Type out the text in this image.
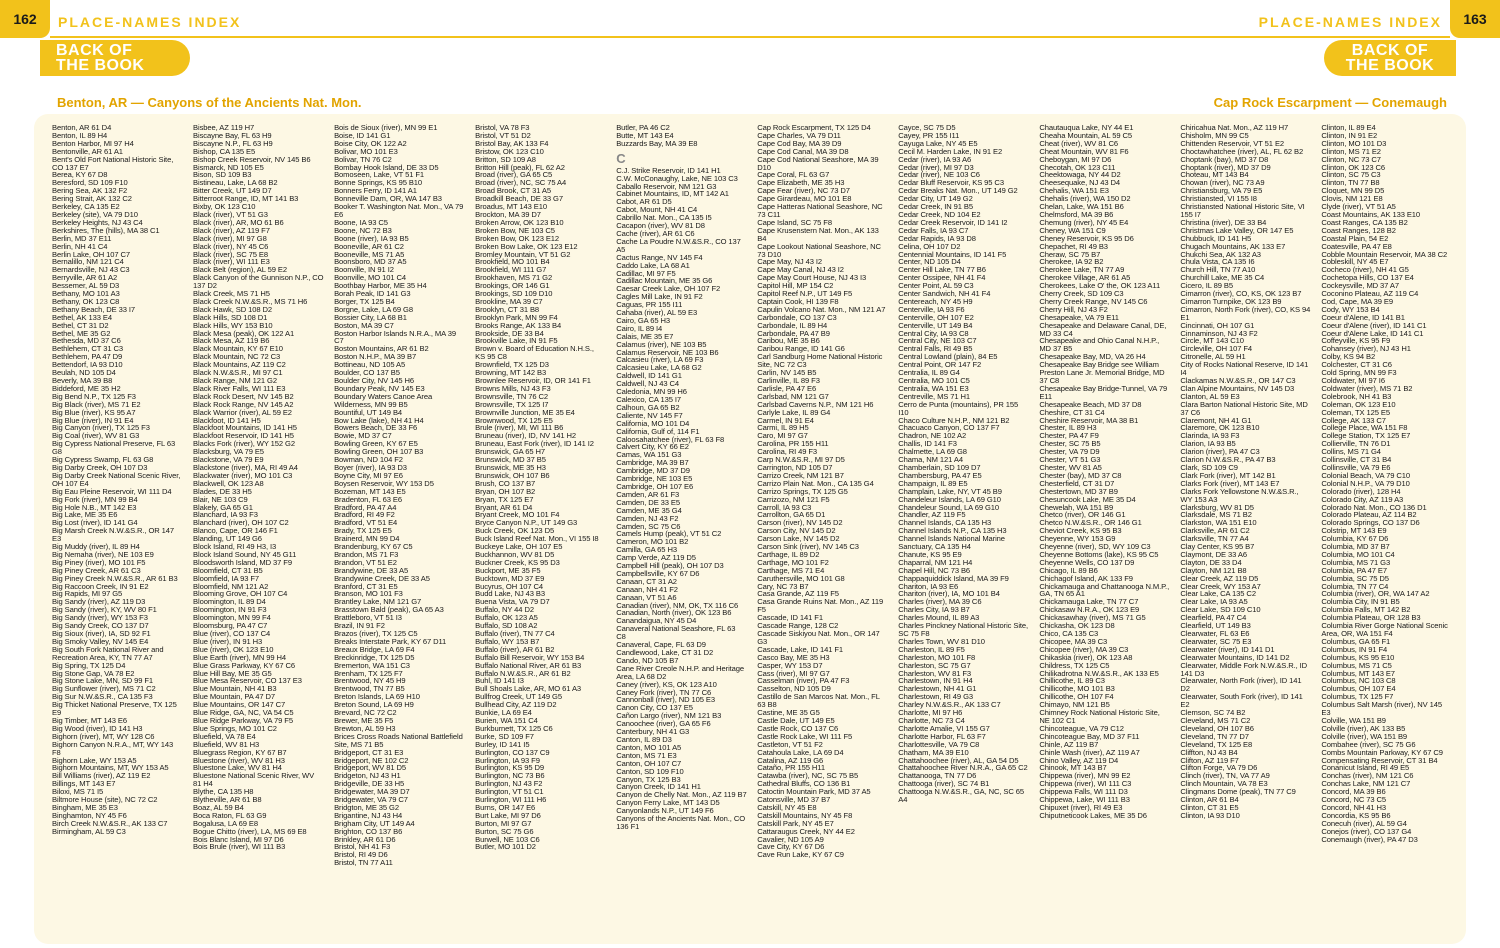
162	PLACE-NAMES INDEX	163
PLACE-NAMES INDEX
BACK OF
THE BOOK
BACK OF
THE BOOK
Benton, AR — Canyons of the Ancients Nat. Mon.	Cap Rock Escarpment — Conemaugh
Benton, AR 61 D4
Benton, IL 89 H4
Benton Harbor, MI 97 H4
Bentonville, AR 61 A1
Bent's Old Fort National Historic Site, CO 137 E7
Berea, KY 67 D8
Beresford, SD 109 F10
Bering Sea, AK 132 F2
Bering Strait, AK 132 C2
Berkeley, CA 135 E2
Berkeley (site), VA 79 D10
Berkeley Heights, NJ 43 C4
Berkshires, The (hills), MA 38 C1
Berlin, MD 37 E11
Berlin, NH 41 C4
Berlin Lake, OH 107 C7
Bernalillo, NM 121 C4
Bernardsville, NJ 43 C3
Berryville, AR 61 A2
Bessemer, AL 59 D3
Bethany, MO 101 A3
Bethany, OK 123 C8
Bethany Beach, DE 33 I7
Bethel, AK 133 E4
Bethel, CT 31 D2
Bethel, ME 35 G2
Bethesda, MD 37 C6
Bethlehem, CT 31 C3
Bethlehem, PA 47 D9
Bettendorf, IA 93 D10
Beulah, ND 105 D4
Beverly, MA 39 B8
Biddeford, ME 35 H2
Big Bend N.P., TX 125 F3
Big Black (river), MS 71 E2
Big Blue (river), KS 95 A7
Big Blue (river), IN 91 E4
Big Canyon (river), TX 125 F3
Big Coal (river), WV 81 G3
Big Cypress National Preserve, FL 63 G8
Big Cypress Swamp, FL 63 G8
Big Darby Creek, OH 107 D3
Big Darby Creek National Scenic River, OH 107 E4
Big Eau Pleine Reservoir, WI 111 D4
Big Fork (river), MN 99 B4
Big Hole N.B., MT 142 E3
Big Lake, ME 35 E6
Big Lost (river), ID 141 G4
Big Marsh Creek N.W.&S.R., OR 147 E3
Big Muddy (river), IL 89 H4
Big Nemaha (river), NE 103 E9
Big Piney (river), MO 101 F5
Big Piney Creek, AR 61 C3
Big Piney Creek N.W.&S.R., AR 61 B3
Big Raccoon Creek, IN 91 E2
Big Rapids, MI 97 G5
Big Sandy (river), AZ 119 D3
Big Sandy (river), KY, WV 80 F1
Big Sandy (river), WY 153 F3
Big Sandy Creek, CO 137 D7
Big Sioux (river), IA, SD 92 F1
Big Smoky Valley, NV 145 E4
Big South Fork National River and Recreation Area, KY, TN 77 A7
Big Spring, TX 125 D4
Big Stone Gap, VA 78 E2
Big Stone Lake, MN, SD 99 F1
Big Sunflower (river), MS 71 C2
Big Sur N.W.&S.R., CA 135 F3
Big Thicket National Preserve, TX 125 E9
Big Timber, MT 143 E6
Big Wood (river), ID 141 H3
Bighorn (river), MT, WY 128 C6
Bighorn Canyon N.R.A., MT, WY 143 F8
Bighorn Lake, WY 153 A5
Bighorn Mountains, MT, WY 153 A5
Bill Williams (river), AZ 119 E2
Billings, MT 143 E7
Biloxi, MS 71 I5
Biltmore House (site), NC 72 C2
Bingham, ME 35 E3
Binghamton, NY 45 F6
Birch Creek N.W.&S.R., AK 133 C7
Birmingham, AL 59 C3
Bisbee, AZ 119 H7
Biscayne Bay, FL 63 H9
Biscayne N.P., FL 63 H9
Bishop, CA 135 E5
Bishop Creek Reservoir, NV 145 B6
Bismarck, ND 105 E5
Bison, SD 109 B3
Bistineau, Lake, LA 68 B2
Bitter Creek, UT 149 D7
Bitterroot Range, ID, MT 141 B3
Bixby, OK 123 C10
Black (river), VT 51 G3
Black (river), AR, MO 61 B6
Black (river), AZ 119 F7
Black (river), MI 97 G8
Black (river), NY 45 C6
Black (river), SC 75 E8
Black (river), WI 111 E3
Black Belt (region), AL 59 E2
Black Canyon of the Gunnison N.P., CO 137 D2
Black Creek, MS 71 H5
Black Creek N.W.&S.R., MS 71 H6
Black Hawk, SD 108 D2
Black Hills, SD 108 D1
Black Hills, WY 153 B10
Black Mesa (peak), OK 122 A1
Black Mesa, AZ 119 B6
Black Mountain, KY 67 E10
Black Mountain, NC 72 C3
Black Mountains, AZ 119 C2
Black N.W.&S.R., MI 97 C1
Black Range, NM 121 G2
Black River Falls, WI 111 E3
Black Rock Desert, NV 145 B2
Black Rock Range, NV 145 A2
Black Warrior (river), AL 59 E2
Blackfoot, ID 141 H5
Blackfoot Mountains, ID 141 H5
Blackfoot Reservoir, ID 141 H5
Blacks Fork (river), WY 152 G2
Blacksburg, VA 79 E5
Blackstone, VA 79 E9
Blackstone (river), MA, RI 49 A4
Blackwater (river), MO 101 C3
Blackwell, OK 123 A8
Blades, DE 33 H5
Blair, NE 103 C9
Blakely, GA 65 G1
Blanchard, IA 93 F3
Blanchard (river), OH 107 C2
Blanco, Cape, OR 146 F1
Blanding, UT 149 G6
Block Island, RI 49 H3, I3
Block Island Sound, NY 45 G11
Bloodsworth Island, MD 37 F9
Bloomfield, CT 31 B5
Bloomfield, IA 93 F7
Bloomfield, NM 121 A2
Blooming Grove, OH 107 C4
Bloomington, IL 89 D4
Bloomington, IN 91 F3
Bloomington, MN 99 F4
Bloomsburg, PA 47 C7
Blue (river), CO 137 C4
Blue (river), IN 91 H3
Blue (river), OK 123 E10
Blue Earth (river), MN 99 H4
Blue Grass Parkway, KY 67 C6
Blue Hill Bay, ME 35 G5
Blue Mesa Reservoir, CO 137 E3
Blue Mountain, NH 41 B3
Blue Mountain, PA 47 D7
Blue Mountains, OR 147 C7
Blue Ridge, GA, NC, VA 54 C5
Blue Ridge Parkway, VA 79 F5
Blue Springs, MO 101 C2
Bluefield, VA 78 E4
Bluefield, WV 81 H3
Bluegrass Region, KY 67 B7
Bluestone (river), WV 81 H3
Bluestone Lake, WV 81 H4
Bluestone National Scenic River, WV 81 H4
Blythe, CA 135 H8
Blytheville, AR 61 B8
Boaz, AL 59 B4
Boca Raton, FL 63 G9
Bogalusa, LA 69 E8
Bogue Chitto (river), LA, MS 69 E8
Bois Blanc Island, MI 97 D6
Bois Brule (river), WI 111 B3
Bois de Sioux (river), MN 99 E1
Boise, ID 141 G1
Boise City, OK 122 A2
Bolivar, MO 101 E3
Bolivar, TN 76 C2
Bombay Hook Island, DE 33 D5
Bomoseen, Lake, VT 51 F1
Bonne Springs, KS 95 B10
Bonners Ferry, ID 141 A1
Bonneville Dam, OR, WA 147 B3
Booker T. Washington Nat. Mon., VA 79 E6
Boone, IA 93 C5
Boone, NC 72 B3
Boone (river), IA 93 B5
Booneville, AR 61 C2
Booneville, MS 71 A5
Boonsboro, MD 37 A5
Boonville, IN 91 I2
Boonville, MO 101 C4
Boothbay Harbor, ME 35 H4
Borah Peak, ID 141 G3
Borger, TX 125 B4
Borgne, Lake, LA 69 G8
Bossier City, LA 68 B1
Boston, MA 39 C7
Boston Harbor Islands N.R.A., MA 39 C7
Boston Mountains, AR 61 B2
Boston N.H.P., MA 39 B7
Bottineau, ND 105 A5
Boulder, CO 137 B5
Boulder City, NV 145 H6
Boundary Peak, NV 145 E3
Boundary Waters Canoe Area Wilderness, MN 99 B5
Bountiful, UT 149 B4
Bow Lake (lake), NH 41 H4
Bowers Beach, DE 33 F6
Bowie, MD 37 C7
Bowling Green, KY 67 E5
Bowling Green, OH 107 B3
Bowman, ND 104 F2
Boyer (river), IA 93 D3
Boyne City, MI 97 E6
Boysen Reservoir, WY 153 D5
Bozeman, MT 143 E5
Bradenton, FL 63 E6
Bradford, PA 47 A4
Bradford, RI 49 F2
Bradford, VT 51 E4
Brady, TX 125 E5
Brainerd, MN 99 D4
Brandenburg, KY 67 C5
Brandon, MS 71 F3
Brandon, VT 51 E2
Brandywine, DE 33 A5
Brandywine Creek, DE 33 A5
Branford, CT 31 E5
Branson, MO 101 F3
Brantley Lake, NM 121 G7
Brasstown Bald (peak), GA 65 A3
Brattleboro, VT 51 I3
Brazil, IN 91 F2
Brazos (river), TX 125 C5
Breaks Interstate Park, KY 67 D11
Breaux Bridge, LA 69 F4
Breckinridge, TX 125 D5
Bremerton, WA 151 C3
Brenham, TX 125 F7
Brentwood, NY 45 H9
Brentwood, TN 77 B5
Breton Islands, LA 69 H10
Breton Sound, LA 69 H9
Brevard, NC 72 C2
Brewer, ME 35 F5
Brewton, AL 59 H3
Brices Cross Roads National Battlefield Site, MS 71 B5
Bridgeport, CT 31 E3
Bridgeport, NE 102 C2
Bridgeport, WV 81 D5
Bridgeton, NJ 43 H1
Bridgeville, DE 33 H5
Bridgewater, MA 39 D7
Bridgewater, VA 79 C7
Bridgton, ME 35 G2
Brigantine, NJ 43 H4
Brigham City, UT 149 A4
Brighton, CO 137 B6
Brinkley, AR 61 D6
Bristol, NH 41 F3
Bristol, RI 49 D6
Bristol, TN 77 A11
Bristol, VA 78 F3
Bristol, VT 51 D2
Bristol Bay, AK 133 F4
Bristow, OK 123 C10
Britton, SD 109 A8
Britton Hill (peak), FL 62 A2
Broad (river), GA 65 C5
Broad (river), NC, SC 75 A4
Broad Brook, CT 31 A5
Broadkill Beach, DE 33 G7
Broadus, MT 143 E10
Brockton, MA 39 D7
Broken Arrow, OK 123 B10
Broken Bow, NE 103 C5
Broken Bow, OK 123 E12
Broken Bow Lake, OK 123 E12
Bromley Mountain, VT 51 G2
Brookfield, MO 101 B4
Brookfield, WI 111 G7
Brookhaven, MS 71 G2
Brookings, OR 146 G1
Brookings, SD 109 D10
Brookline, MA 39 C7
Brooklyn, CT 31 B8
Brooklyn Park, MN 99 F4
Brooks Range, AK 133 B4
Brookside, DE 33 B4
Brookville Lake, IN 91 F5
Brown v. Board of Education N.H.S., KS 95 C8
Brownfield, TX 125 D3
Browning, MT 142 B3
Brownlee Reservoir, ID, OR 141 F1
Browns Mills, NJ 43 F3
Brownsville, TN 76 C2
Brownsville, TX 125 I7
Brownville Junction, ME 35 E4
Brownwood, TX 125 E5
Brule (river), MI, WI 111 B6
Bruneau (river), ID, NV 141 H2
Bruneau, East Fork (river), ID 141 I2
Brunswick, GA 65 H7
Brunswick, MD 37 B5
Brunswick, ME 35 H3
Brunswick, OH 107 B6
Brush, CO 137 B7
Bryan, OH 107 B2
Bryan, TX 125 E7
Bryant, AR 61 D4
Bryant Creek, MO 101 F4
Bryce Canyon N.P., UT 149 G3
Buck Creek, OK 123 D5
Buck Island Reef Nat. Mon., VI 155 I8
Buckeye Lake, OH 107 E5
Buckhannon, WV 81 D5
Buckner Creek, KS 95 D3
Buckport, ME 35 F5
Bucktown, MD 37 E9
Bucyrus, OH 107 C4
Budd Lake, NJ 43 B3
Buena Vista, VA 79 D7
Buffalo, NY 44 D2
Buffalo, OK 123 A5
Buffalo, SD 108 A2
Buffalo (river), TN 77 C4
Buffalo, WY 153 B7
Buffalo (river), AR 61 B2
Buffalo Bill Reservoir, WY 153 B4
Buffalo National River, AR 61 B3
Buffalo N.W.&S.R., AR 61 B2
Buhl, ID 141 I3
Bull Shoals Lake, AR, MO 61 A3
Bullfrog Creek, UT 149 G5
Bullhead City, AZ 119 D2
Bunkie, LA 69 E4
Burien, WA 151 C4
Burkburnett, TX 125 C6
Burke, SD 109 F7
Burley, ID 141 I5
Burlington, CO 137 C9
Burlington, IA 93 F9
Burlington, KS 95 D9
Burlington, NC 73 B6
Burlington, NJ 43 F2
Burlington, VT 51 C1
Burlington, WI 111 H6
Burns, OR 147 E6
Burt Lake, MI 97 D6
Burton, MI 97 G7
Burton, SC 75 G6
Burwell, NE 103 C6
Butler, MO 101 D2
Butler, PA 46 C2
Butte, MT 143 E4
Buzzards Bay, MA 39 E8
C
C.J. Strike Reservoir, ID 141 H1
C.W. McConaughy, Lake, NE 103 C3
Caballo Reservoir, NM 121 G3
Cabinet Mountains, ID, MT 142 A1
Cabot, AR 61 D5
Cabot, Mount, NH 41 C4
Cabrillo Nat. Mon., CA 135 I5
Cacapon (river), WV 81 D8
Cache (river), AR 61 C6
Cache La Poudre N.W.&S.R., CO 137 A5
Cactus Range, NV 145 F4
Caddo Lake, LA 68 A1
Cadillac, MI 97 F5
Cadillac Mountain, ME 35 G6
Caesar Creek Lake, OH 107 F2
Cagles Mill Lake, IN 91 F2
Caguas, PR 155 I11
Cahaba (river), AL 59 E3
Cairo, GA 65 H3
Cairo, IL 89 I4
Calais, ME 35 E7
Calamus (river), NE 103 B5
Calamus Reservoir, NE 103 B6
Calcasieu (river), LA 69 F3
Calcasieu Lake, LA 68 G2
Caldwell, ID 141 G1
Caldwell, NJ 43 C4
Caledonia, MN 99 H6
Calexico, CA 135 I7
Calhoun, GA 65 B2
Caliente, NV 145 F7
California, MO 101 D4
California, Gulf of, 114 F1
Caloosahatchee (river), FL 63 F8
Calvert City, KY 66 E2
Camas, WA 151 G3
Cambridge, MA 39 B7
Cambridge, MD 37 D9
Cambridge, NE 103 E5
Cambridge, OH 107 E6
Camden, AR 61 F3
Camden, DE 33 E5
Camden, ME 35 G4
Camden, NJ 43 F2
Camden, SC 75 C6
Camels Hump (peak), VT 51 C2
Cameron, MO 101 B2
Camilla, GA 65 H3
Camp Verde, AZ 119 D5
Campbell Hill (peak), OH 107 D3
Campbellsville, KY 67 D6
Canaan, CT 31 A2
Canaan, NH 41 F2
Canaan, VT 51 A6
Canadian (river), NM, OK, TX 116 C6
Canadian, North (river), OK 123 B6
Canandaigua, NY 45 D4
Canaveral National Seashore, FL 63 C8
Canaveral, Cape, FL 63 D9
Candlewood, Lake, CT 31 D2
Cando, ND 105 B7
Cane River Creole N.H.P. and Heritage Area, LA 68 D2
Caney (river), KS, OK 123 A10
Caney Fork (river), TN 77 C6
Cannonball (river), ND 105 E3
Canon City, CO 137 E5
Cañon Largo (river), NM 121 B3
Canoochee (river), GA 65 F6
Canterbury, NH 41 G3
Canton, IL 89 D3
Canton, MO 101 A5
Canton, MS 71 E3
Canton, OH 107 C7
Canton, SD 109 F10
Canyon, TX 125 B3
Canyon Creek, ID 141 H1
Canyon de Chelly Nat. Mon., AZ 119 B7
Canyon Ferry Lake, MT 143 D5
Canyonlands N.P., UT 149 F6
Canyons of the Ancients Nat. Mon., CO 136 F1
Cap Rock Escarpment, TX 125 D4
Cape Charles, VA 79 D11
Cape Cod Bay, MA 39 D9
Cape Cod Canal, MA 39 D8
Cape Cod National Seashore, MA 39 D10
Cape Coral, FL 63 G7
Cape Elizabeth, ME 35 H3
Cape Fear (river), NC 73 D7
Cape Girardeau, MO 101 E8
Cape Hatteras National Seashore, NC 73 C11
Cape Island, SC 75 F8
Cape Krusenstern Nat. Mon., AK 133 B4
Cape Lookout National Seashore, NC 73 D10
Cape May, NJ 43 I2
Cape May Canal, NJ 43 I2
Cape May Court House, NJ 43 I3
Capitol Hill, MP 154 C2
Capitol Reef N.P., UT 149 F5
Captain Cook, HI 139 F8
Capulin Volcano Nat. Mon., NM 121 A7
Carbondale, CO 137 C3
Carbondale, IL 89 H4
Carbondale, PA 47 B9
Caribou, ME 35 B6
Caribou Range, ID 141 G6
Carl Sandburg Home National Historic Site, NC 72 C3
Carlin, NV 145 B5
Carlinville, IL 89 F3
Carlisle, PA 47 E6
Carlsbad, NM 121 G7
Carlsbad Caverns N.P., NM 121 H6
Carlyle Lake, IL 89 G4
Carmel, IN 91 E4
Carmi, IL 89 H5
Caro, MI 97 G7
Carolina, PR 155 H11
Carolina, RI 49 F3
Carp N.W.&S.R., MI 97 D5
Carrington, ND 105 D7
Carrizo Creek, NM 121 B7
Carrizo Plain Nat. Mon., CA 135 G4
Carrizo Springs, TX 125 G5
Carrizozo, NM 121 F5
Carroll, IA 93 C3
Carrollton, GA 65 D1
Carson (river), NV 145 D2
Carson City, NV 145 D2
Carson Lake, NV 145 D2
Carson Sink (river), NV 145 C3
Carthage, IL 89 D2
Carthage, MO 101 F2
Carthage, MS 71 E4
Caruthersville, MO 101 G8
Cary, NC 73 B7
Casa Grande, AZ 119 F5
Casa Grande Ruins Nat. Mon., AZ 119 F5
Cascade, ID 141 F1
Cascade Range, 128 C2
Cascade Siskiyou Nat. Mon., OR 147 G3
Cascade, Lake, ID 141 F1
Casco Bay, ME 35 H3
Casper, WY 153 D7
Cass (river), MI 97 G7
Casselman (river), PA 47 F3
Casselton, ND 105 D9
Castillo de San Marcos Nat. Mon., FL 63 B8
Castine, ME 35 G5
Castle Dale, UT 149 E5
Castle Rock, CO 137 C6
Castle Rock Lake, WI 111 F5
Castleton, VT 51 F2
Catahoula Lake, LA 69 D4
Catalina, AZ 119 G6
Cataño, PR 155 H11
Catawba (river), NC, SC 75 B5
Cathedral Bluffs, CO 136 B1
Catoctin Mountain Park, MD 37 A5
Catonsville, MD 37 B7
Catskill, NY 45 E8
Catskill Mountains, NY 45 F8
Catskill Park, NY 45 E7
Cattaraugus Creek, NY 44 E2
Cavalier, ND 105 A9
Cave City, KY 67 D6
Cave Run Lake, KY 67 C9
Cayce, SC 75 D5
Cayey, PR 155 I11
Cayuga Lake, NY 45 E5
Cecil M. Harden Lake, IN 91 E2
Cedar (river), IA 93 A6
Cedar (river), MI 97 D3
Cedar (river), NE 103 C6
Cedar Bluff Reservoir, KS 95 C3
Cedar Breaks Nat. Mon., UT 149 G2
Cedar City, UT 149 G2
Cedar Creek, IN 91 B5
Cedar Creek, ND 104 E2
Cedar Creek Reservoir, ID 141 I2
Cedar Falls, IA 93 C7
Cedar Rapids, IA 93 D8
Celina, OH 107 D2
Centennial Mountains, ID 141 F5
Center, ND 105 D4
Center Hill Lake, TN 77 B6
Center Ossipee, NH 41 F4
Center Point, AL 59 C3
Center Sandwich, NH 41 F4
Centereach, NY 45 H9
Centerville, IA 93 F6
Centerville, OH 107 E2
Centerville, UT 149 B4
Central City, IA 93 C8
Central City, NE 103 C7
Central Falls, RI 49 B5
Central Lowland (plain), 84 E5
Central Point, OR 147 F2
Centralia, IL 89 G4
Centralia, MO 101 C5
Centralia, WA 151 E3
Centreville, MS 71 H1
Cerro de Punta (mountains), PR 155 I10
Chaco Culture N.H.P., NM 121 B2
Chacuaco Canyon, CO 137 F7
Chadron, NE 102 A2
Challis, ID 141 F3
Chalmette, LA 69 G8
Chama, NM 121 A4
Chamberlain, SD 109 D7
Chambersburg, PA 47 E5
Champaign, IL 89 E5
Champlain, Lake, NY, VT 45 B9
Chandeleur Islands, LA 69 G10
Chandeleur Sound, LA 69 G10
Chandler, AZ 119 F5
Channel Islands, CA 135 H3
Channel Islands N.P., CA 135 H3
Channel Islands National Marine Sanctuary, CA 135 H4
Chanute, KS 95 E9
Chaparral, NM 121 H4
Chapel Hill, NC 73 B6
Chappaquiddick Island, MA 39 F9
Chariton, IA 93 E6
Chariton (river), IA, MO 101 B4
Charles (river), MA 39 C6
Charles City, IA 93 B7
Charles Mound, IL 89 A3
Charles Pinckney National Historic Site, SC 75 F8
Charles Town, WV 81 D10
Charleston, IL 89 F5
Charleston, MO 101 F8
Charleston, SC 75 G7
Charleston, WV 81 F3
Charlestown, IN 91 H4
Charlestown, NH 41 G1
Charlestown, RI 49 G3
Charley N.W.&S.R., AK 133 C7
Charlotte, MI 97 H6
Charlotte, NC 73 C4
Charlotte Amalie, VI 155 G7
Charlotte Harbor, FL 63 F7
Charlottesville, VA 79 C8
Chatham, MA 39 E10
Chattahoochee (river), AL, GA 54 D5
Chattahoochee River N.R.A., GA 65 C2
Chattanooga, TN 77 D6
Chattooga (river), SC 74 B1
Chattooga N.W.&S.R., GA, NC, SC 65 A4
Chautauqua Lake, NY 44 E1
Cheaha Mountain, AL 59 C5
Cheat (river), WV 81 C6
Cheat Mountain, WV 81 F6
Cheboygan, MI 97 D6
Checotah, OK 123 C11
Cheektowaga, NY 44 D2
Cheesequake, NJ 43 D4
Chehalis, WA 151 E3
Chehalis (river), WA 150 D2
Chelan, Lake, WA 151 B6
Chelmsford, MA 39 B6
Chemung (river), NY 45 E4
Cheney, WA 151 C9
Cheney Reservoir, KS 95 D6
Chepachet, RI 49 B3
Cheraw, SC 75 B7
Cherokee, IA 92 B2
Cherokee Lake, TN 77 A9
Cherokee Village, AR 61 A5
Cherokees, Lake O' the, OK 123 A11
Cherry Creek, SD 109 C3
Cherry Creek Range, NV 145 C6
Cherry Hill, NJ 43 F2
Chesapeake, VA 79 E11
Chesapeake and Delaware Canal, DE, MD 33 C4
Chesapeake and Ohio Canal N.H.P., MD 37 B5
Chesapeake Bay, MD, VA 26 H4
Chesapeake Bay Bridge see William Preston Lane Jr. Memorial Bridge, MD 37 C8
Chesapeake Bay Bridge-Tunnel, VA 79 E11
Chesapeake Beach, MD 37 D8
Cheshire, CT 31 C4
Cheshire Reservoir, MA 38 B1
Chester, IL 89 H3
Chester, PA 47 F9
Chester, SC 75 B5
Chester, VA 79 D9
Chester, VT 51 G3
Chester, WV 81 A5
Chester (bay), MD 37 C8
Chesterfield, CT 31 D7
Chestertown, MD 37 B9
Chesuncook Lake, ME 35 D4
Chewelah, WA 151 B9
Chetco (river), OR 146 G1
Chetco N.W.&S.R., OR 146 G1
Cheviot Creek, KS 95 B3
Cheyenne, WY 153 G9
Cheyenne (river), SD, WY 109 C3
Cheyenne Bottoms (lake), KS 95 C5
Cheyenne Wells, CO 137 D9
Chicago, IL 89 B6
Chichagof Island, AK 133 F9
Chickamauga and Chattanooga N.M.P., GA, TN 65 A1
Chickamauga Lake, TN 77 C7
Chickasaw N.R.A., OK 123 E9
Chickasawhay (river), MS 71 G5
Chickasha, OK 123 D8
Chico, CA 135 C3
Chicopee, MA 39 C3
Chicopee (river), MA 39 C3
Chikaskia (river), OK 123 A8
Childress, TX 125 C5
Chilikadrotna N.W.&S.R., AK 133 E5
Chillicothe, IL 89 C3
Chillicothe, MO 101 B3
Chillicothe, OH 107 F4
Chimayo, NM 121 B5
Chimney Rock National Historic Site, NE 102 C1
Chincoteague, VA 79 C12
Chincoteague Bay, MD 37 F11
Chinle, AZ 119 B7
Chinle Wash (river), AZ 119 A7
Chino Valley, AZ 119 D4
Chinook, MT 143 B7
Chippewa (river), MN 99 E2
Chippewa (river), WI 111 C3
Chippewa Falls, WI 111 D3
Chippewa, Lake, WI 111 B3
Chipuxet (river), RI 49 E3
Chiputneticook Lakes, ME 35 D6
Chiricahua Nat. Mon., AZ 119 H7
Chisholm, MN 99 C5
Chittenden Reservoir, VT 51 E2
Choctawhatchee (river), AL, FL 62 B2
Choptank (bay), MD 37 D8
Choptank (river), MD 37 D9
Choteau, MT 143 B4
Chowan (river), NC 73 A9
Christiansburg, VA 79 E5
Christiansted, VI 155 I8
Christiansted National Historic Site, VI 155 I7
Christina (river), DE 33 B4
Christmas Lake Valley, OR 147 E5
Chubbuck, ID 141 H5
Chugach Mountains, AK 133 E7
Chukchi Sea, AK 132 A3
Chula Vista, CA 135 I6
Church Hill, TN 77 A10
Churchill Lake, ME 35 C4
Cicero, IL 89 B5
Cimarron (river), CO, KS, OK 123 B7
Cimarron Turnpike, OK 123 B9
Cimarron, North Fork (river), CO, KS 94 E1
Cincinnati, OH 107 G1
Cinnaminson, NJ 43 F2
Circle, MT 143 C10
Circleville, OH 107 F4
Citronelle, AL 59 H1
City of Rocks National Reserve, ID 141 I4
Clackamas N.W.&S.R., OR 147 C3
Clan Alpine Mountains, NV 145 D3
Clanton, AL 59 E3
Clara Barton National Historic Site, MD 37 C6
Claremont, NH 41 G1
Claremore, OK 123 B10
Clarinda, IA 93 F3
Clarion, IA 93 B5
Clarion (river), PA 47 C3
Clarion N.W.&S.R., PA 47 B3
Clark, SD 109 C9
Clark Fork (river), MT 142 B1
Clarks Fork (river), MT 143 E7
Clarks Fork Yellowstone N.W.&S.R., WY 153 A3
Clarksburg, WV 81 D5
Clarksdale, MS 71 B2
Clarkston, WA 151 E10
Clarksville, AR 61 C2
Clarksville, TN 77 A4
Clay Center, KS 95 B7
Claymont, DE 33 A6
Clayton, DE 33 D4
Clayton, NM 121 B8
Clear Creek, AZ 119 D5
Clear Creek, WY 153 A7
Clear Lake, CA 135 C2
Clear Lake, IA 93 A5
Clear Lake, SD 109 C10
Clearfield, PA 47 C4
Clearfield, UT 149 B3
Clearwater, FL 63 E6
Clearwater, SC 75 E3
Clearwater (river), ID 141 D1
Clearwater Mountains, ID 141 D2
Clearwater, Middle Fork N.W.&S.R., ID 141 D3
Clearwater, North Fork (river), ID 141 D2
Clearwater, South Fork (river), ID 141 E2
Clemson, SC 74 B2
Cleveland, MS 71 C2
Cleveland, OH 107 B6
Cleveland, TN 77 D7
Cleveland, TX 125 E8
Cliffton, NJ 43 B4
Clifton, AZ 119 F7
Clifton Forge, VA 79 D6
Clinch (river), TN, VA 77 A9
Clinch Mountain, VA 78 E3
Clingmans Dome (peak), TN 77 C9
Clinton, AR 61 B4
Clinton, CT 31 E5
Clinton, IA 93 D10
Clinton, IL 89 E4
Clinton, IN 91 E2
Clinton, MO 101 D3
Clinton, MS 71 E2
Clinton, NC 73 C7
Clinton, OK 123 C6
Clinton, SC 75 C3
Clinton, TN 77 B8
Cloquet, MN 99 D5
Clovis, NM 121 E8
Clyde (river), VT 51 A5
Coast Mountains, AK 133 E10
Coast Ranges, CA 135 B2
Coast Ranges, 128 B2
Coastal Plain, 54 E2
Coatesville, PA 47 E8
Cobble Mountain Reservoir, MA 38 C2
Cobleskill, NY 45 E7
Cocheco (river), NH 41 G5
Cochetopa Hills, CO 137 E4
Cockeysville, MD 37 A7
Coconino Plateau, AZ 119 C4
Cod, Cape, MA 39 E9
Cody, WY 153 B4
Coeur d'Alene, ID 141 B1
Coeur d'Alene (river), ID 141 C1
Coeur d'Alene Lake, ID 141 C1
Coffeyville, KS 95 F9
Cohansey (river), NJ 43 H1
Colby, KS 94 B2
Colchester, CT 31 C6
Cold Spring, MN 99 F3
Coldwater, MI 97 I6
Coldwater (river), MS 71 B2
Colebrook, NH 41 B3
Coleman, OK 123 E10
Coleman, TX 125 E5
College, AK 133 C7
College Place, WA 151 F8
College Station, TX 125 E7
Collierville, TN 76 D1
Collins, MS 71 G4
Collinsville, CT 31 B4
Collinsville, VA 79 E6
Colonial Beach, VA 79 C10
Colonial N.H.P., VA 79 D10
Colorado (river), 128 H4
Colorado City, AZ 119 A3
Colorado Nat. Mon., CO 136 D1
Colorado Plateau, AZ 114 B2
Colorado Springs, CO 137 D6
Colstrip, MT 143 E9
Columbia, KY 67 D6
Columbia, MD 37 B7
Columbia, MO 101 C4
Columbia, MS 71 G3
Columbia, PA 47 E7
Columbia, SC 75 D5
Columbia, TN 77 C4
Columbia (river), OR, WA 147 A2
Columbia City, IN 91 B5
Columbia Falls, MT 142 B2
Columbia Plateau, OR 128 B3
Columbia River Gorge National Scenic Area, OR, WA 151 F4
Columbus, GA 65 F1
Columbus, IN 91 F4
Columbus, KS 95 E10
Columbus, MS 71 C5
Columbus, MT 143 E7
Columbus, NC 103 C8
Columbus, OH 107 E4
Columbus, TX 125 F7
Columbus Salt Marsh (river), NV 145 E3
Colville, WA 151 B9
Colville (river), AK 133 B5
Colville (river), WA 151 B9
Combahee (river), SC 75 G6
Combs Mountain Parkway, KY 67 C9
Compensating Reservoir, CT 31 B4
Conanicut Island, RI 49 E5
Conchas (river), NM 121 C6
Conchas Lake, NM 121 C7
Concord, MA 39 B6
Concord, NC 73 C5
Concord, NH 41 H3
Concordia, KS 95 B6
Conecuh (river), AL 59 G4
Conejos (river), CO 137 G4
Conemaugh (river), PA 47 D3
